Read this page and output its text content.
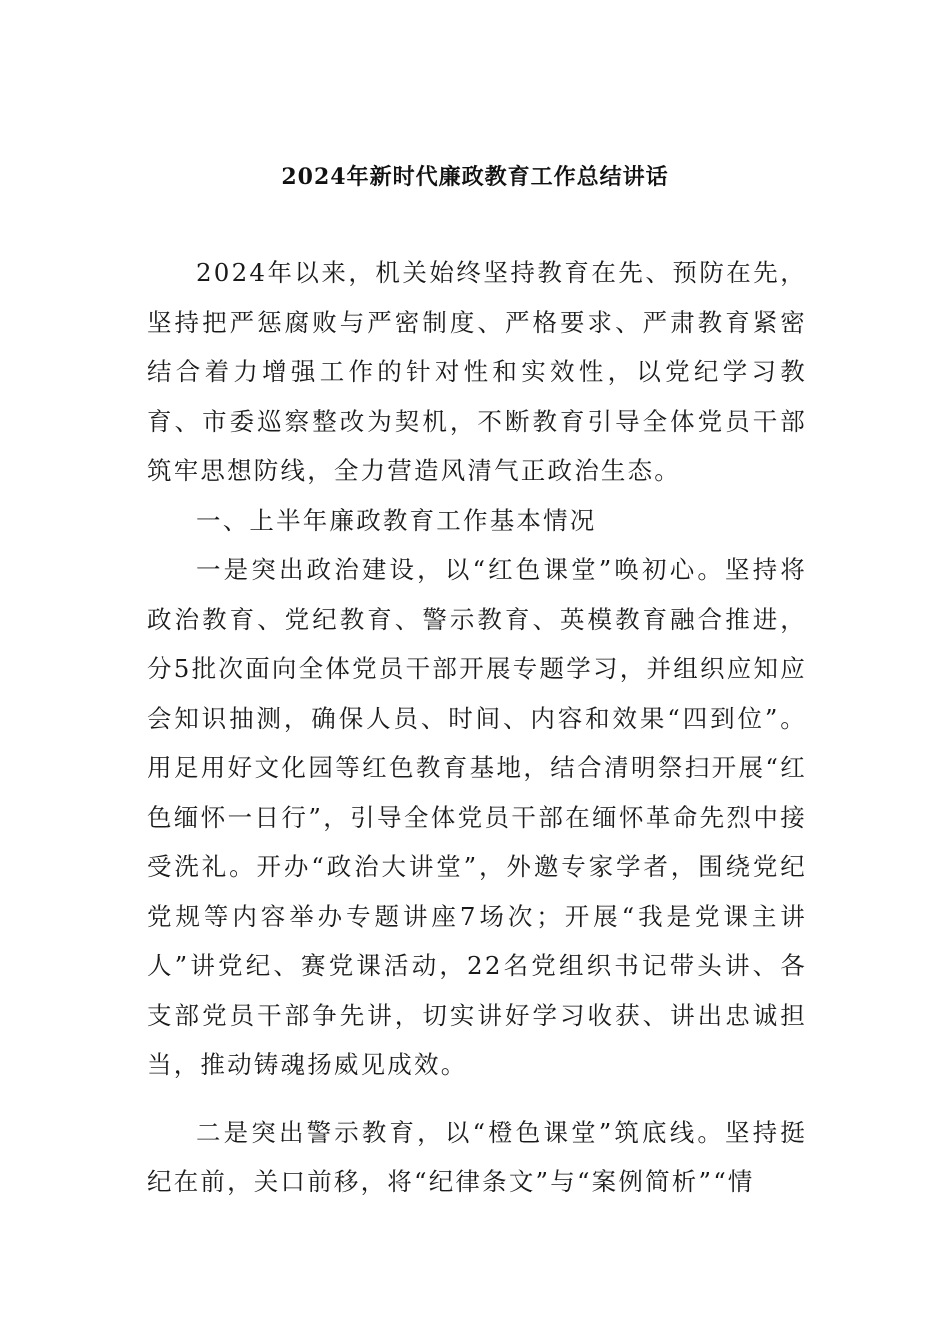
2024年新时代廉政教育工作总结讲话

2024年以来，机关始终坚持教育在先、预防在先，坚持把严惩腐败与严密制度、严格要求、严肃教育紧密结合着力增强工作的针对性和实效性，以党纪学习教育、市委巡察整改为契机，不断教育引导全体党员干部筑牢思想防线，全力营造风清气正政治生态。

一、上半年廉政教育工作基本情况

一是突出政治建设，以“红色课堂”唤初心。坚持将政治教育、党纪教育、警示教育、英模教育融合推进，分5批次面向全体党员干部开展专题学习，并组织应知应会知识抽测，确保人员、时间、内容和效果“四到位”。用足用好文化园等红色教育基地，结合清明祭扫开展“红色缅怀一日行”，引导全体党员干部在缅怀革命先烈中接受洗礼。开办“政治大讲堂”，外邀专家学者，围绕党纪党规等内容举办专题讲座7场次；开展“我是党课主讲人”讲党纪、赛党课活动，22名党组织书记带头讲、各支部党员干部争先讲，切实讲好学习收获、讲出忠诚担当，推动铸魂扬威见成效。

二是突出警示教育，以“橙色课堂”筑底线。坚持挺纪在前，关口前移，将“纪律条文”与“案例简析”“情
